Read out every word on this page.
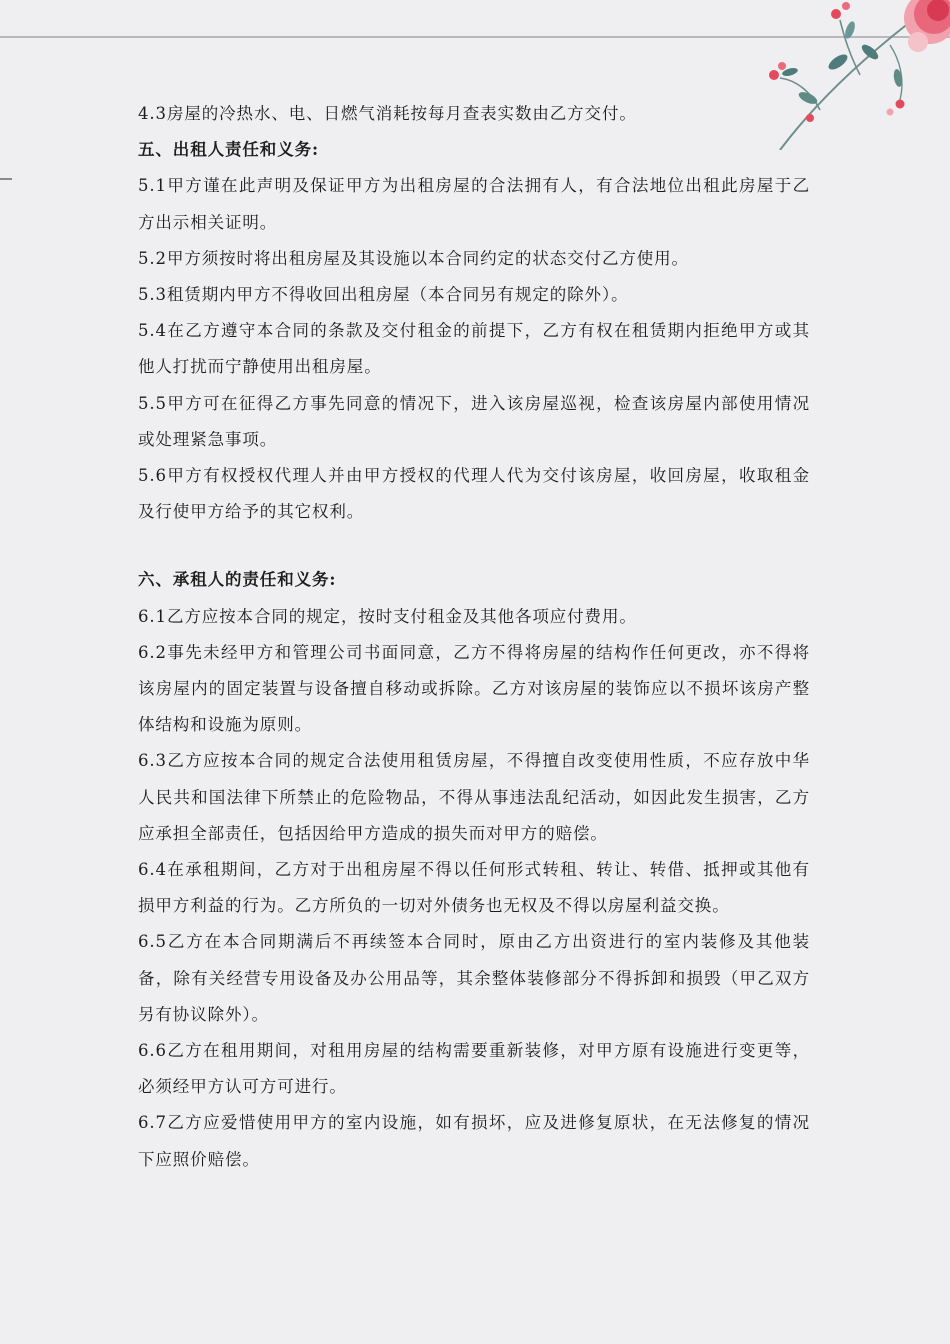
4.3房屋的冷热水、电、日燃气消耗按每月查表实数由乙方交付。
五、出租人责任和义务:
5.1甲方谨在此声明及保证甲方为出租房屋的合法拥有人，有合法地位出租此房屋于乙方出示相关证明。
5.2甲方须按时将出租房屋及其设施以本合同约定的状态交付乙方使用。
5.3租赁期内甲方不得收回出租房屋（本合同另有规定的除外）。
5.4在乙方遵守本合同的条款及交付租金的前提下，乙方有权在租赁期内拒绝甲方或其他人打扰而宁静使用出租房屋。
5.5甲方可在征得乙方事先同意的情况下，进入该房屋巡视，检查该房屋内部使用情况或处理紧急事项。
5.6甲方有权授权代理人并由甲方授权的代理人代为交付该房屋，收回房屋，收取租金及行使甲方给予的其它权利。
六、承租人的责任和义务:
6.1乙方应按本合同的规定，按时支付租金及其他各项应付费用。
6.2事先未经甲方和管理公司书面同意，乙方不得将房屋的结构作任何更改，亦不得将该房屋内的固定装置与设备擅自移动或拆除。乙方对该房屋的装饰应以不损坏该房产整体结构和设施为原则。
6.3乙方应按本合同的规定合法使用租赁房屋，不得擅自改变使用性质，不应存放中华人民共和国法律下所禁止的危险物品，不得从事违法乱纪活动，如因此发生损害，乙方应承担全部责任，包括因给甲方造成的损失而对甲方的赔偿。
6.4在承租期间，乙方对于出租房屋不得以任何形式转租、转让、转借、抵押或其他有损甲方利益的行为。乙方所负的一切对外债务也无权及不得以房屋利益交换。
6.5乙方在本合同期满后不再续签本合同时，原由乙方出资进行的室内装修及其他装备，除有关经营专用设备及办公用品等，其余整体装修部分不得拆卸和损毁（甲乙双方另有协议除外）。
6.6乙方在租用期间，对租用房屋的结构需要重新装修，对甲方原有设施进行变更等，必须经甲方认可方可进行。
6.7乙方应爱惜使用甲方的室内设施，如有损坏，应及进修复原状，在无法修复的情况下应照价赔偿。
